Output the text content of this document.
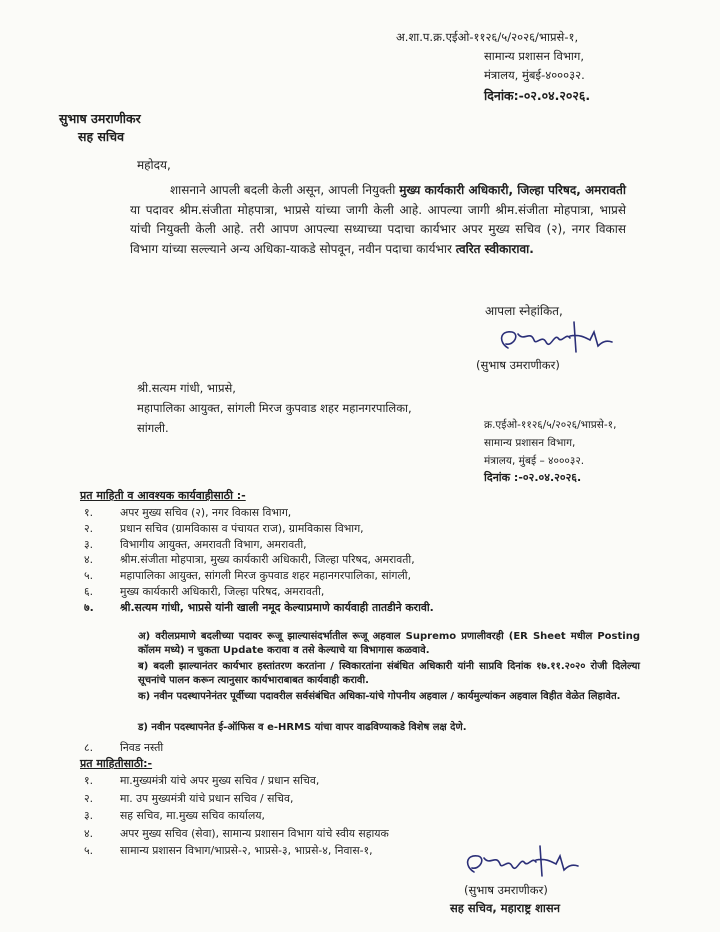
अ.शा.प.क्र.एईओ-११२६/५/२०२६/भाप्रसे-१,
सामान्य प्रशासन विभाग,
मंत्रालय, मुंबई-४०००३२.
दिनांक:-०२.०४.२०२६.
सुभाष उमराणीकर
सह सचिव
महोदय,
शासनाने आपली बदली केली असून, आपली नियुक्ती मुख्य कार्यकारी अधिकारी, जिल्हा परिषद, अमरावती या पदावर श्रीम.संजीता मोहपात्रा, भाप्रसे यांच्या जागी केली आहे. आपल्या जागी श्रीम.संजीता मोहपात्रा, भाप्रसे यांची नियुक्ती केली आहे. तरी आपण आपल्या सध्याच्या पदाचा कार्यभार अपर मुख्य सचिव (२), नगर विकास विभाग यांच्या सल्ल्याने अन्य अधिका-याकडे सोपवून, नवीन पदाचा कार्यभार त्वरित स्वीकारावा.
आपला स्नेहांकित,
(सुभाष उमराणीकर)
श्री.सत्यम गांधी, भाप्रसे,
महापालिका आयुक्त, सांगली मिरज कुपवाड शहर महानगरपालिका,
सांगली.	क्र.एईओ-११२६/५/२०२६/भाप्रसे-१,
सामान्य प्रशासन विभाग,
मंत्रालय, मुंबई – ४०००३२.
दिनांक :-०२.०४.२०२६.
प्रत माहिती व आवश्यक कार्यवाहीसाठी :-
१.	अपर मुख्य सचिव (२), नगर विकास विभाग,
२.	प्रधान सचिव (ग्रामविकास व पंचायत राज), ग्रामविकास विभाग,
३.	विभागीय आयुक्त, अमरावती विभाग, अमरावती,
४.	श्रीम.संजीता मोहपात्रा, मुख्य कार्यकारी अधिकारी, जिल्हा परिषद, अमरावती,
५.	महापालिका आयुक्त, सांगली मिरज कुपवाड शहर महानगरपालिका, सांगली,
६.	मुख्य कार्यकारी अधिकारी, जिल्हा परिषद, अमरावती,
७.	श्री.सत्यम गांधी, भाप्रसे यांनी खाली नमूद केल्याप्रमाणे कार्यवाही तातडीने करावी.
अ) वरीलप्रमाणे बदलीच्या पदावर रूजू झाल्यासंदर्भातील रूजू अहवाल Supremo प्रणालीवरही (ER Sheet मधील Posting कॉलम मध्ये) न चुकता Update करावा व तसे केल्याचे या विभागास कळवावे.
ब) बदली झाल्यानंतर कार्यभार हस्तांतरण करतांना / स्विकारतांना संबंधित अधिकारी यांनी साप्रवि दिनांक १७.११.२०२० रोजी दिलेल्या सूचनांचे पालन करून त्यानुसार कार्यभाराबाबत कार्यवाही करावी.
क) नवीन पदस्थापनेनंतर पूर्वीच्या पदावरील सर्वसंबंधित अधिका-यांचे गोपनीय अहवाल / कार्यमुल्यांकन अहवाल विहीत वेळेत लिहावेत.
ड) नवीन पदस्थापनेत ई-ऑफिस व e-HRMS यांचा वापर वाढविण्याकडे विशेष लक्ष देणे.
८.	निवड नस्ती
प्रत माहितीसाठी:-
१.	मा.मुख्यमंत्री यांचे अपर मुख्य सचिव / प्रधान सचिव,
२.	मा. उप मुख्यमंत्री यांचे प्रधान सचिव / सचिव,
३.	सह सचिव, मा.मुख्य सचिव कार्यालय,
४.	अपर मुख्य सचिव (सेवा), सामान्य प्रशासन विभाग यांचे स्वीय सहायक
५.	सामान्य प्रशासन विभाग/भाप्रसे-२, भाप्रसे-३, भाप्रसे-४, निवास-१,
(सुभाष उमराणीकर)
सह सचिव, महाराष्ट्र शासन
